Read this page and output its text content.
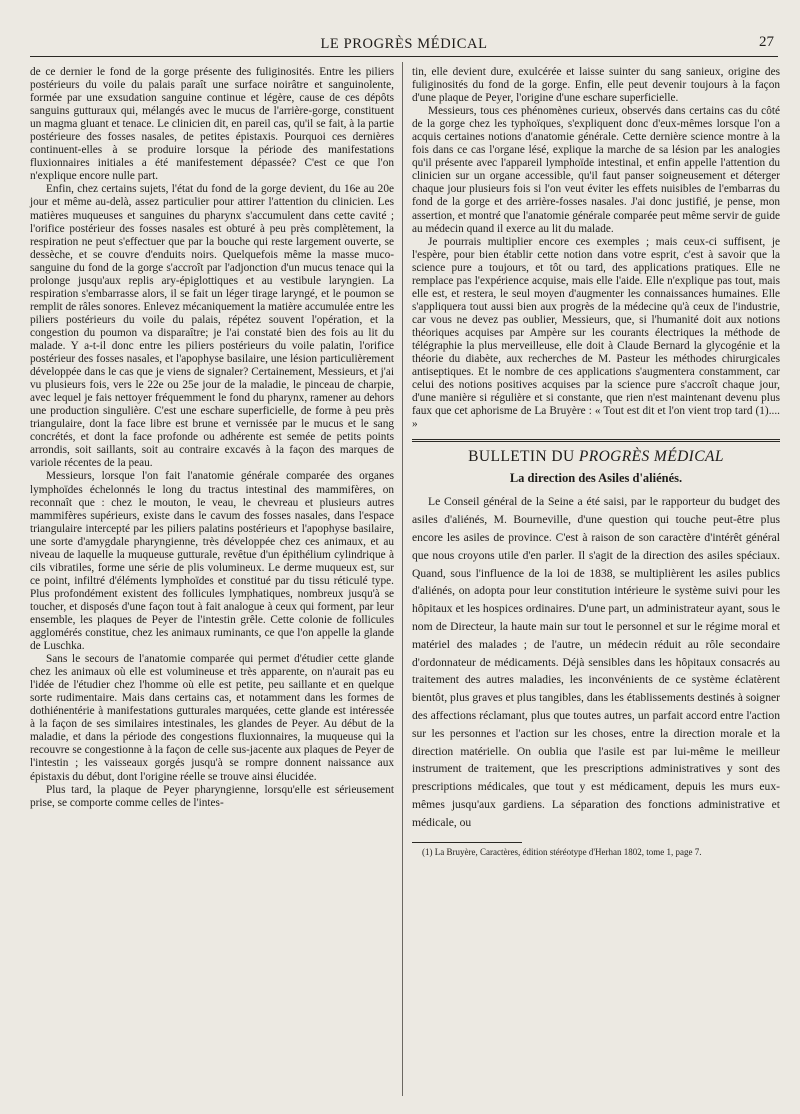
LE PROGRÈS MÉDICAL	27

de ce dernier le fond de la gorge présente des fuliginosités. Entre les piliers postérieurs du voile du palais paraît une surface noirâtre et sanguinolente, formée par une exsudation sanguine continue et légère, cause de ces dépôts sanguins gutturaux qui, mélangés avec le mucus de l'arrière-gorge, constituent un magma gluant et tenace. Le clinicien dit, en pareil cas, qu'il se fait, à la partie postérieure des fosses nasales, de petites épistaxis. Pourquoi ces dernières continuent-elles à se produire lorsque la période des manifestations fluxionnaires initiales a été manifestement dépassée? C'est ce que l'on n'explique encore nulle part.

Enfin, chez certains sujets, l'état du fond de la gorge devient, du 16e au 20e jour et même au-delà, assez particulier pour attirer l'attention du clinicien. Les matières muqueuses et sanguines du pharynx s'accumulent dans cette cavité ; l'orifice postérieur des fosses nasales est obturé à peu près complètement, la respiration ne peut s'effectuer que par la bouche qui reste largement ouverte, se dessèche, et se couvre d'enduits noirs. Quelquefois même la masse muco-sanguine du fond de la gorge s'accroît par l'adjonction d'un mucus tenace qui la prolonge jusqu'aux replis ary-épiglottiques et au vestibule laryngien. La respiration s'embarrasse alors, il se fait un léger tirage laryngé, et le poumon se remplit de râles sonores. Enlevez mécaniquement la matière accumulée entre les piliers postérieurs du voile du palais, répétez souvent l'opération, et la congestion du poumon va disparaître; je l'ai constaté bien des fois au lit du malade. Y a-t-il donc entre les piliers postérieurs du voile palatin, l'orifice postérieur des fosses nasales, et l'apophyse basilaire, une lésion particulièrement développée dans le cas que je viens de signaler? Certainement, Messieurs, et j'ai vu plusieurs fois, vers le 22e ou 25e jour de la maladie, le pinceau de charpie, avec lequel je fais nettoyer fréquemment le fond du pharynx, ramener au dehors une production singulière. C'est une eschare superficielle, de forme à peu près triangulaire, dont la face libre est brune et vernissée par le mucus et le sang concrétés, et dont la face profonde ou adhérente est semée de petits points arrondis, soit saillants, soit au contraire excavés à la façon des marques de variole récentes de la peau.

Messieurs, lorsque l'on fait l'anatomie générale comparée des organes lymphoïdes échelonnés le long du tractus intestinal des mammifères, on reconnaît que : chez le mouton, le veau, le chevreau et plusieurs autres mammifères supérieurs, existe dans le cavum des fosses nasales, dans l'espace triangulaire intercepté par les piliers palatins postérieurs et l'apophyse basilaire, une sorte d'amygdale pharyngienne, très développée chez ces animaux, et au niveau de laquelle la muqueuse gutturale, revêtue d'un épithélium cylindrique à cils vibratiles, forme une série de plis volumineux. Le derme muqueux est, sur ce point, infiltré d'éléments lymphoïdes et constitué par du tissu réticulé type. Plus profondément existent des follicules lymphatiques, nombreux jusqu'à se toucher, et disposés d'une façon tout à fait analogue à ceux qui forment, par leur ensemble, les plaques de Peyer de l'intestin grêle. Cette colonie de follicules agglomérés constitue, chez les animaux ruminants, ce que l'on appelle la glande de Luschka.

Sans le secours de l'anatomie comparée qui permet d'étudier cette glande chez les animaux où elle est volumineuse et très apparente, on n'aurait pas eu l'idée de l'étudier chez l'homme où elle est petite, peu saillante et en quelque sorte rudimentaire. Mais dans certains cas, et notamment dans les formes de dothiénentérie à manifestations gutturales marquées, cette glande est intéressée à la façon de ses similaires intestinales, les glandes de Peyer. Au début de la maladie, et dans la période des congestions fluxionnaires, la muqueuse qui la recouvre se congestionne à la façon de celle sus-jacente aux plaques de Peyer de l'intestin ; les vaisseaux gorgés jusqu'à se rompre donnent naissance aux épistaxis du début, dont l'origine réelle se trouve ainsi élucidée.

Plus tard, la plaque de Peyer pharyngienne, lorsqu'elle est sérieusement prise, se comporte comme celles de l'intes-

tin, elle devient dure, exulcérée et laisse suinter du sang sanieux, origine des fuliginosités du fond de la gorge. Enfin, elle peut devenir toujours à la façon d'une plaque de Peyer, l'origine d'une eschare superficielle.

Messieurs, tous ces phénomènes curieux, observés dans certains cas du côté de la gorge chez les typhoïques, s'expliquent donc d'eux-mêmes lorsque l'on a acquis certaines notions d'anatomie générale. Cette dernière science montre à la fois dans ce cas l'organe lésé, explique la marche de sa lésion par les analogies qu'il présente avec l'appareil lymphoïde intestinal, et enfin appelle l'attention du clinicien sur un organe accessible, qu'il faut panser soigneusement et déterger chaque jour plusieurs fois si l'on veut éviter les effets nuisibles de l'embarras du fond de la gorge et des arrière-fosses nasales. J'ai donc justifié, je pense, mon assertion, et montré que l'anatomie générale comparée peut même servir de guide au médecin quand il exerce au lit du malade.

Je pourrais multiplier encore ces exemples ; mais ceux-ci suffisent, je l'espère, pour bien établir cette notion dans votre esprit, c'est à savoir que la science pure a toujours, et tôt ou tard, des applications pratiques. Elle ne remplace pas l'expérience acquise, mais elle l'aide. Elle n'explique pas tout, mais elle est, et restera, le seul moyen d'augmenter les connaissances humaines. Elle s'appliquera tout aussi bien aux progrès de la médecine qu'à ceux de l'industrie, car vous ne devez pas oublier, Messieurs, que, si l'humanité doit aux notions théoriques acquises par Ampère sur les courants électriques la méthode de télégraphie la plus merveilleuse, elle doit à Claude Bernard la glycogénie et la théorie du diabète, aux recherches de M. Pasteur les méthodes chirurgicales antiseptiques. Et le nombre de ces applications s'augmentera constamment, car celui des notions positives acquises par la science pure s'accroît chaque jour, d'une manière si régulière et si constante, que rien n'est maintenant devenu plus faux que cet aphorisme de La Bruyère : « Tout est dit et l'on vient trop tard (1).... »

BULLETIN DU PROGRÈS MÉDICAL
La direction des Asiles d'aliénés.

Le Conseil général de la Seine a été saisi, par le rapporteur du budget des asiles d'aliénés, M. Bourneville, d'une question qui touche peut-être plus encore les asiles de province. C'est à raison de son caractère d'intérêt général que nous croyons utile d'en parler. Il s'agit de la direction des asiles spéciaux. Quand, sous l'influence de la loi de 1838, se multiplièrent les asiles publics d'aliénés, on adopta pour leur constitution intérieure le système suivi pour les hôpitaux et les hospices ordinaires. D'une part, un administrateur ayant, sous le nom de Directeur, la haute main sur tout le personnel et sur le régime moral et matériel des malades ; de l'autre, un médecin réduit au rôle secondaire d'ordonnateur de médicaments. Déjà sensibles dans les hôpitaux consacrés au traitement des autres maladies, les inconvénients de ce système éclatèrent bientôt, plus graves et plus tangibles, dans les établissements destinés à soigner des affections réclamant, plus que toutes autres, un parfait accord entre l'action sur les personnes et l'action sur les choses, entre la direction morale et la direction matérielle. On oublia que l'asile est par lui-même le meilleur instrument de traitement, que les prescriptions administratives y sont des prescriptions médicales, que tout y est médicament, depuis les murs eux-mêmes jusqu'aux gardiens. La séparation des fonctions administrative et médicale, ou

(1) La Bruyère, Caractères, édition stéréotype d'Herhan 1802, tome 1, page 7.
